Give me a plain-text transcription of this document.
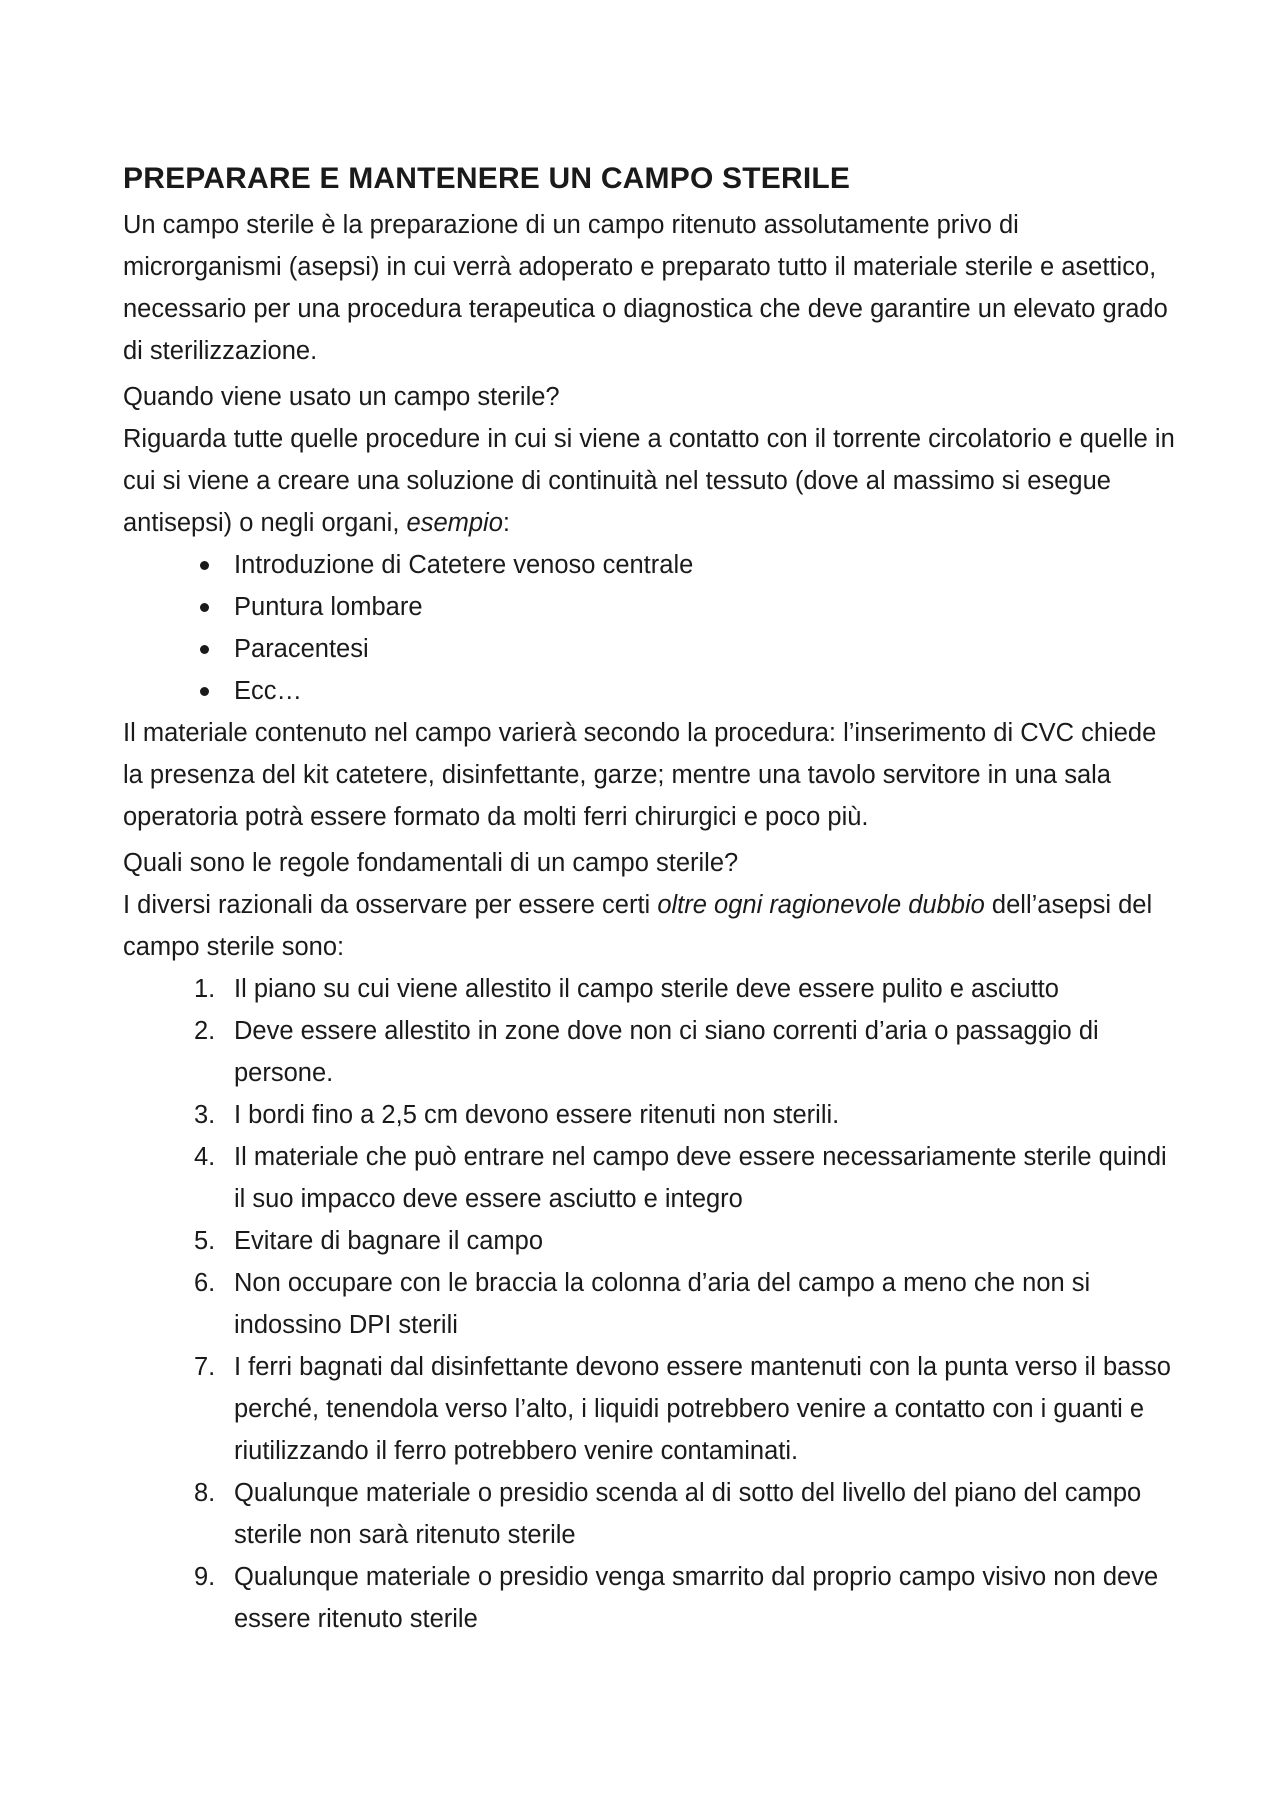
PREPARARE E MANTENERE UN CAMPO STERILE

Un campo sterile è la preparazione di un campo ritenuto assolutamente privo di microrganismi (asepsi) in cui verrà adoperato e preparato tutto il materiale sterile e asettico, necessario per una procedura terapeutica o diagnostica che deve garantire un elevato grado di sterilizzazione.

Quando viene usato un campo sterile?

Riguarda tutte quelle procedure in cui si viene a contatto con il torrente circolatorio e quelle in cui si viene a creare una soluzione di continuità nel tessuto (dove al massimo si esegue antisepsi) o negli organi, esempio:

Introduzione di Catetere venoso centrale
Puntura lombare
Paracentesi
Ecc…

Il materiale contenuto nel campo varierà secondo la procedura: l’inserimento di CVC chiede la presenza del kit catetere, disinfettante, garze; mentre una tavolo servitore in una sala operatoria potrà essere formato da molti ferri chirurgici e poco più.

Quali sono le regole fondamentali di un campo sterile?

I diversi razionali da osservare per essere certi oltre ogni ragionevole dubbio dell’asepsi del campo sterile sono:

1. Il piano su cui viene allestito il campo sterile deve essere pulito e asciutto
2. Deve essere allestito in zone dove non ci siano correnti d’aria o passaggio di persone.
3. I bordi fino a 2,5 cm devono essere ritenuti non sterili.
4. Il materiale che può entrare nel campo deve essere necessariamente sterile quindi il suo impacco deve essere asciutto e integro
5. Evitare di bagnare il campo
6. Non occupare con le braccia la colonna d’aria del campo a meno che non si indossino DPI sterili
7. I ferri bagnati dal disinfettante devono essere mantenuti con la punta verso il basso perché, tenendola verso l’alto, i liquidi potrebbero venire a contatto con i guanti e riutilizzando il ferro potrebbero venire contaminati.
8. Qualunque materiale o presidio scenda al di sotto del livello del piano del campo sterile non sarà ritenuto sterile
9. Qualunque materiale o presidio venga smarrito dal proprio campo visivo non deve essere ritenuto sterile
